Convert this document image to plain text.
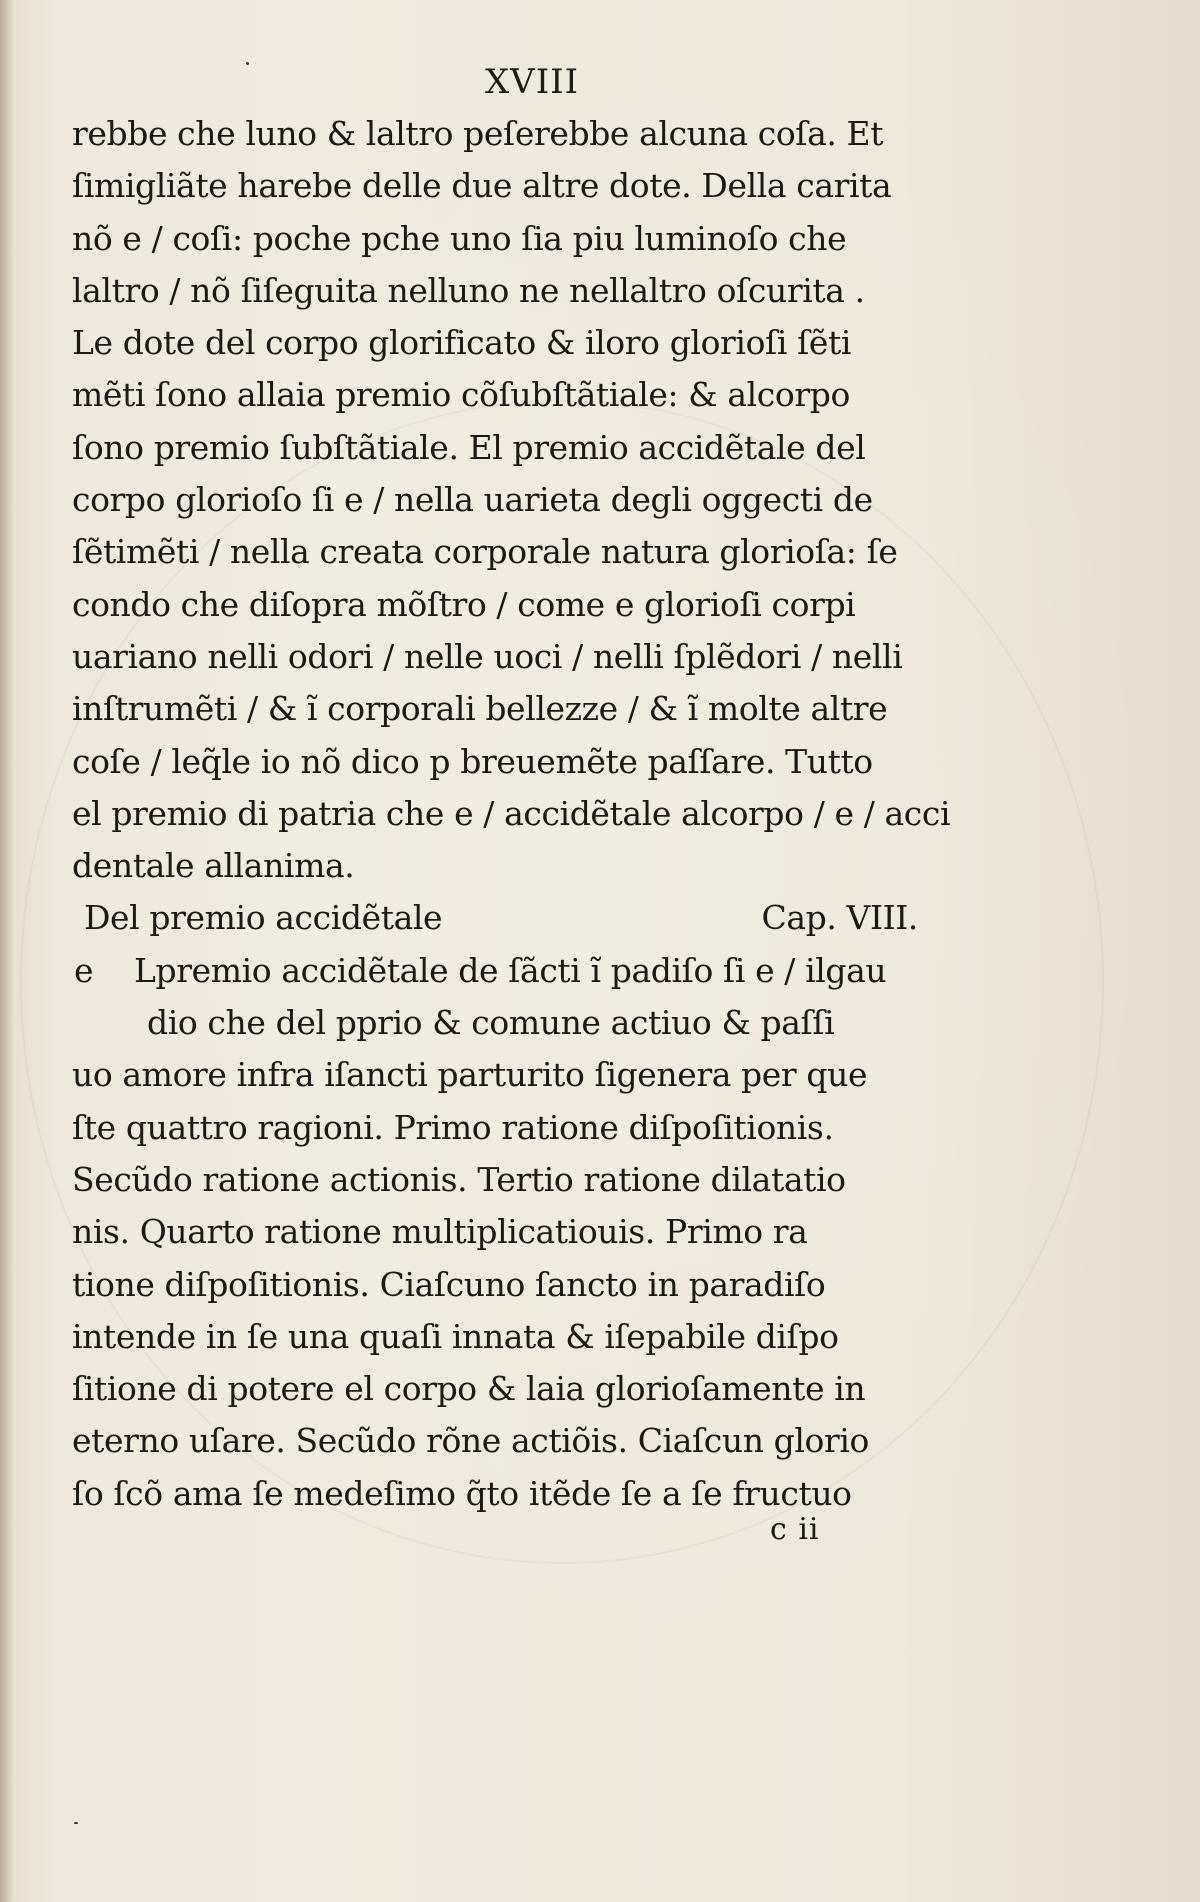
XVIII
rebbe che luno & laltro peſerebbe alcuna coſa. Et
ſimigliãte harebe delle due altre dote. Della carita
nõ e / coſi: poche pche uno ſia piu luminoſo che
laltro / nõ ſiſeguita nelluno ne nellaltro oſcurita .
Le dote del corpo glorificato & iloro glorioſi ſẽti
mẽti ſono allaia premio cõſubſtãtiale: & alcorpo
ſono premio ſubſtãtiale. El premio accidẽtale del
corpo glorioſo ſi e / nella uarieta degli oggecti de
ſẽtimẽti / nella creata corporale natura glorioſa: ſe
condo che diſopra mõſtro / come e glorioſi corpi
uariano nelli odori / nelle uoci / nelli ſplẽdori / nelli
inſtrumẽti / & ĩ corporali bellezze / & ĩ molte altre
coſe / leq̃le io nõ dico p breuemẽte paſſare. Tutto
el premio di patria che e / accidẽtale alcorpo / e / acci
dentale allanima.
Del premio accidẽtale	Cap. VIII.
e	Lpremio accidẽtale de ſãcti ĩ padiſo ſi e / ilgau
dio che del pprio & comune actiuo & paſſi
uo amore infra iſancti parturito ſigenera per que
ſte quattro ragioni. Primo ratione diſpoſitionis.
Secũdo ratione actionis. Tertio ratione dilatatio
nis. Quarto ratione multiplicatiouis. Primo ra
tione diſpoſitionis. Ciaſcuno ſancto in paradiſo
intende in ſe una quaſi innata & iſepabile diſpo
ſitione di potere el corpo & laia glorioſamente in
eterno uſare. Secũdo rõne actiõis. Ciaſcun glorio
ſo ſcõ ama ſe medeſimo q̃to itẽde ſe a ſe fructuo
c ii
